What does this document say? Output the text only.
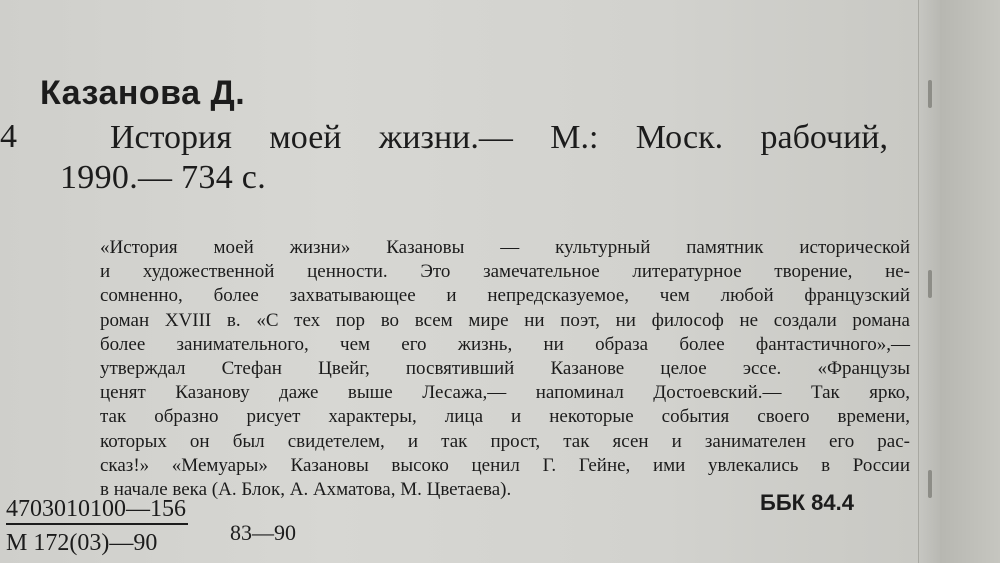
Казанова Д.
4	История моей жизни.— М.: Моск. рабочий,
1990.— 734 с.
«История моей жизни» Казановы — культурный памятник исторической
и художественной ценности. Это замечательное литературное творение, не-
сомненно, более захватывающее и непредсказуемое, чем любой французский
роман XVIII в. «С тех пор во всем мире ни поэт, ни философ не создали романа
более занимательного, чем его жизнь, ни образа более фантастичного»,—
утверждал Стефан Цвейг, посвятивший Казанове целое эссе. «Французы
ценят Казанову даже выше Лесажа,— напоминал Достоевский.— Так ярко,
так образно рисует характеры, лица и некоторые события своего времени,
которых он был свидетелем, и так прост, так ясен и занимателен его рас-
сказ!» «Мемуары» Казановы высоко ценил Г. Гейне, ими увлекались в России
в начале века (А. Блок, А. Ахматова, М. Цветаева).
4703010100—156
М 172(03)—90	83—90
ББК 84.4
